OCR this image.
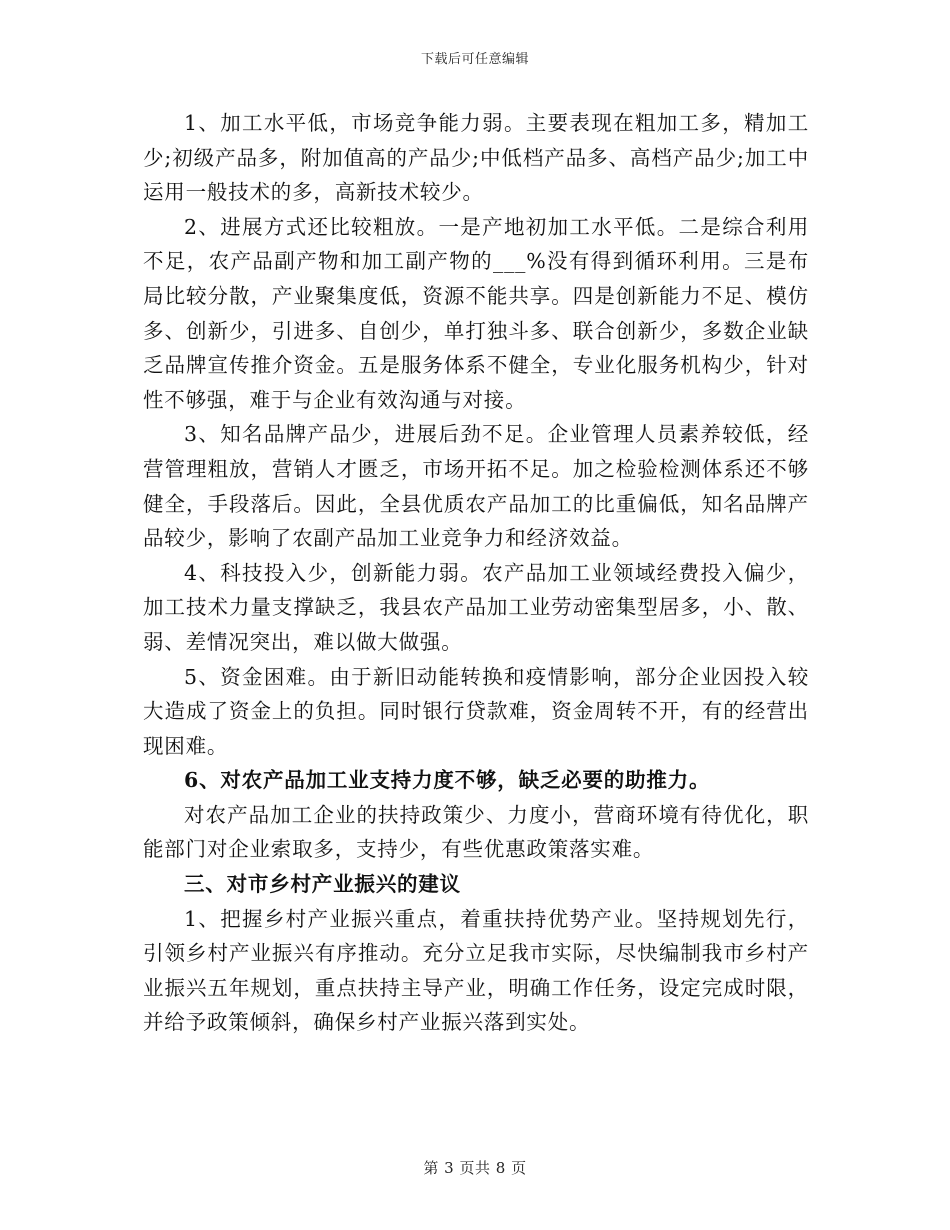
下载后可任意编辑

1、加工水平低，市场竞争能力弱。主要表现在粗加工多，精加工少;初级产品多，附加值高的产品少;中低档产品多、高档产品少;加工中运用一般技术的多，高新技术较少。

2、进展方式还比较粗放。一是产地初加工水平低。二是综合利用不足，农产品副产物和加工副产物的___%没有得到循环利用。三是布局比较分散，产业聚集度低，资源不能共享。四是创新能力不足、模仿多、创新少，引进多、自创少，单打独斗多、联合创新少，多数企业缺乏品牌宣传推介资金。五是服务体系不健全，专业化服务机构少，针对性不够强，难于与企业有效沟通与对接。

3、知名品牌产品少，进展后劲不足。企业管理人员素养较低，经营管理粗放，营销人才匮乏，市场开拓不足。加之检验检测体系还不够健全，手段落后。因此，全县优质农产品加工的比重偏低，知名品牌产品较少，影响了农副产品加工业竞争力和经济效益。

4、科技投入少，创新能力弱。农产品加工业领域经费投入偏少，加工技术力量支撑缺乏，我县农产品加工业劳动密集型居多，小、散、弱、差情况突出，难以做大做强。

5、资金困难。由于新旧动能转换和疫情影响，部分企业因投入较大造成了资金上的负担。同时银行贷款难，资金周转不开，有的经营出现困难。

6、对农产品加工业支持力度不够，缺乏必要的助推力。

对农产品加工企业的扶持政策少、力度小，营商环境有待优化，职能部门对企业索取多，支持少，有些优惠政策落实难。

三、对市乡村产业振兴的建议

1、把握乡村产业振兴重点，着重扶持优势产业。坚持规划先行，引领乡村产业振兴有序推动。充分立足我市实际，尽快编制我市乡村产业振兴五年规划，重点扶持主导产业，明确工作任务，设定完成时限，并给予政策倾斜，确保乡村产业振兴落到实处。

第 3 页共 8 页
